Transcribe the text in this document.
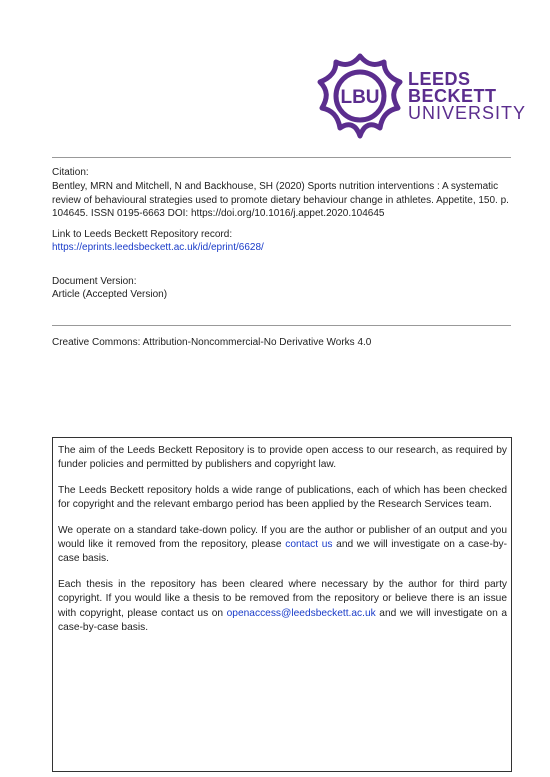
LBU
LEEDS
BECKETT
UNIVERSITY
Citation:
Bentley, MRN and Mitchell, N and Backhouse, SH (2020) Sports nutrition interventions : A systematic review of behavioural strategies used to promote dietary behaviour change in athletes. Appetite, 150. p. 104645. ISSN 0195-6663 DOI: https://doi.org/10.1016/j.appet.2020.104645
Link to Leeds Beckett Repository record:
https://eprints.leedsbeckett.ac.uk/id/eprint/6628/
Document Version:
Article (Accepted Version)
Creative Commons: Attribution-Noncommercial-No Derivative Works 4.0

The aim of the Leeds Beckett Repository is to provide open access to our research, as required by funder policies and permitted by publishers and copyright law.

The Leeds Beckett repository holds a wide range of publications, each of which has been checked for copyright and the relevant embargo period has been applied by the Research Services team.

We operate on a standard take-down policy. If you are the author or publisher of an output and you would like it removed from the repository, please contact us and we will investigate on a case-by-case basis.

Each thesis in the repository has been cleared where necessary by the author for third party copyright. If you would like a thesis to be removed from the repository or believe there is an issue with copyright, please contact us on openaccess@leedsbeckett.ac.uk and we will investigate on a case-by-case basis.
